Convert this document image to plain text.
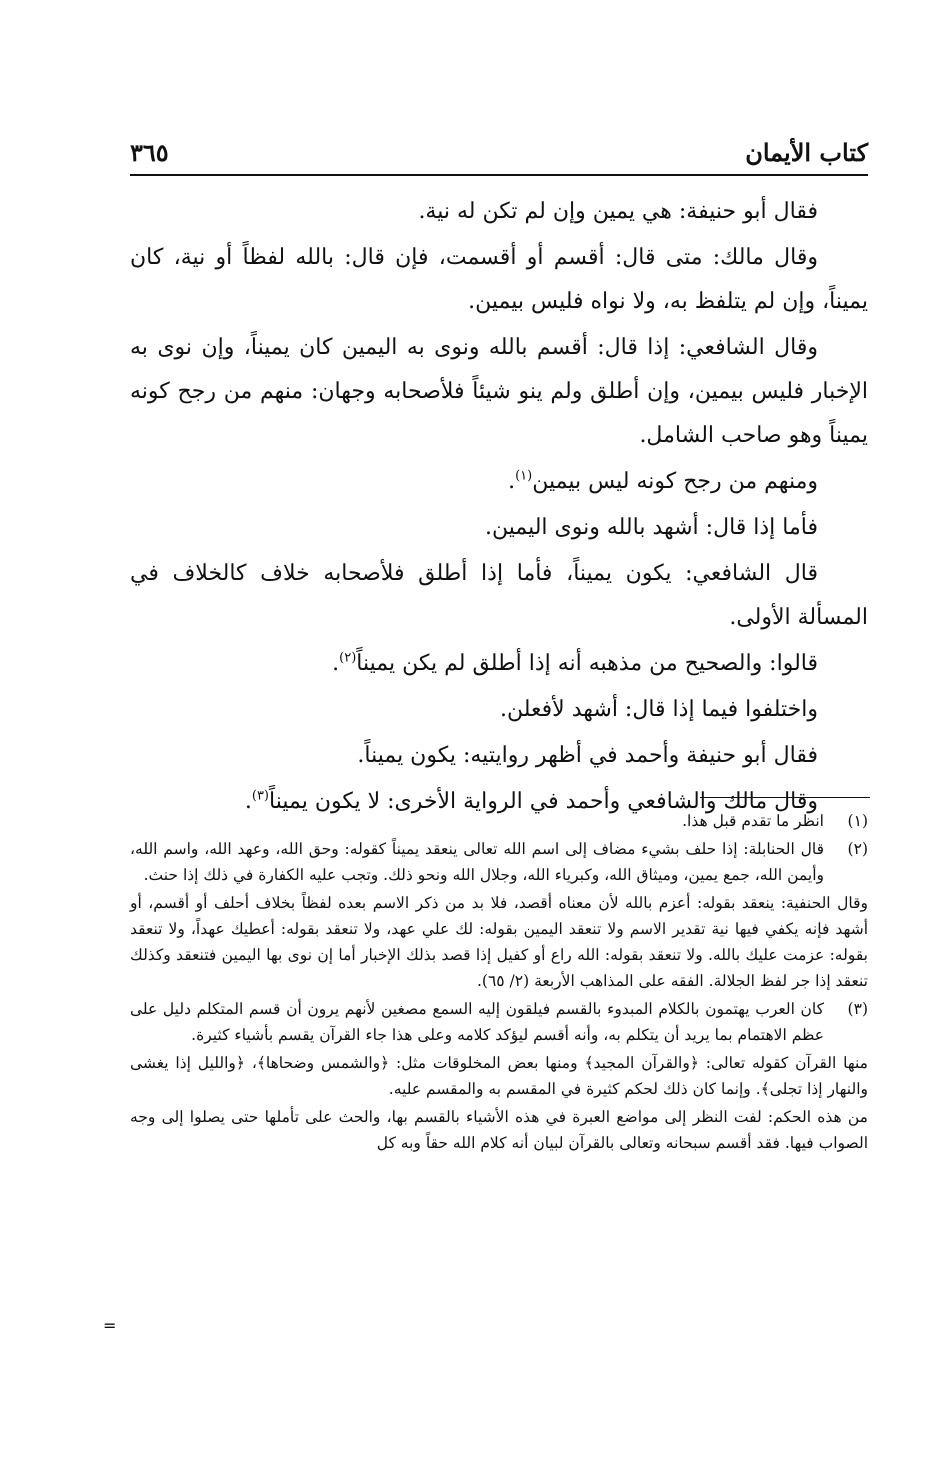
كتاب الأيمان
٣٦٥

فقال أبو حنيفة: هي يمين وإن لم تكن له نية.

وقال مالك: متى قال: أقسم أو أقسمت، فإن قال: بالله لفظاً أو نية، كان يميناً، وإن لم يتلفظ به، ولا نواه فليس بيمين.

وقال الشافعي: إذا قال: أقسم بالله ونوى به اليمين كان يميناً، وإن نوى به الإخبار فليس بيمين، وإن أطلق ولم ينو شيئاً فلأصحابه وجهان: منهم من رجح كونه يميناً وهو صاحب الشامل.

ومنهم من رجح كونه ليس بيمين$^{(١)}$.

فأما إذا قال: أشهد بالله ونوى اليمين.

قال الشافعي: يكون يميناً، فأما إذا أطلق فلأصحابه خلاف كالخلاف في المسألة الأولى.

قالوا: والصحيح من مذهبه أنه إذا أطلق لم يكن يميناً$^{(٢)}$.

واختلفوا فيما إذا قال: أشهد لأفعلن.

فقال أبو حنيفة وأحمد في أظهر روايتيه: يكون يميناً.

وقال مالك والشافعي وأحمد في الرواية الأخرى: لا يكون يميناً$^{(٣)}$.

(١)

انظر ما تقدم قبل هذا.

(٢)

قال الحنابلة: إذا حلف بشيء مضاف إلى اسم الله تعالى ينعقد يميناً كقوله: وحق الله، وعهد الله، واسم الله، وأيمن الله، جمع يمين، وميثاق الله، وكبرياء الله، وجلال الله ونحو ذلك. وتجب عليه الكفارة في ذلك إذا حنث.

وقال الحنفية: ينعقد بقوله: أعزم بالله لأن معناه أقصد، فلا بد من ذكر الاسم بعده لفظاً بخلاف أحلف أو أقسم، أو أشهد فإنه يكفي فيها نية تقدير الاسم ولا تنعقد اليمين بقوله: لك علي عهد، ولا تنعقد بقوله: أعطيك عهداً، ولا تنعقد بقوله: عزمت عليك بالله. ولا تنعقد بقوله: الله راع أو كفيل إذا قصد بذلك الإخبار أما إن نوى بها اليمين فتنعقد وكذلك تنعقد إذا جر لفظ الجلالة. الفقه على المذاهب الأربعة (٢/ ٦٥).

(٣)

كان العرب يهتمون بالكلام المبدوء بالقسم فيلقون إليه السمع مصغين لأنهم يرون أن قسم المتكلم دليل على عظم الاهتمام بما يريد أن يتكلم به، وأنه أقسم ليؤكد كلامه وعلى هذا جاء القرآن يقسم بأشياء كثيرة.

منها القرآن كقوله تعالى: ﴿والقرآن المجيد﴾ ومنها بعض المخلوقات مثل: ﴿والشمس وضحاها﴾، ﴿والليل إذا يغشى والنهار إذا تجلى﴾. وإنما كان ذلك لحكم كثيرة في المقسم به والمقسم عليه.

من هذه الحكم: لفت النظر إلى مواضع العبرة في هذه الأشياء بالقسم بها، والحث على تأملها حتى يصلوا إلى وجه الصواب فيها. فقد أقسم سبحانه وتعالى بالقرآن لبيان أنه كلام الله حقاً وبه كل

=
